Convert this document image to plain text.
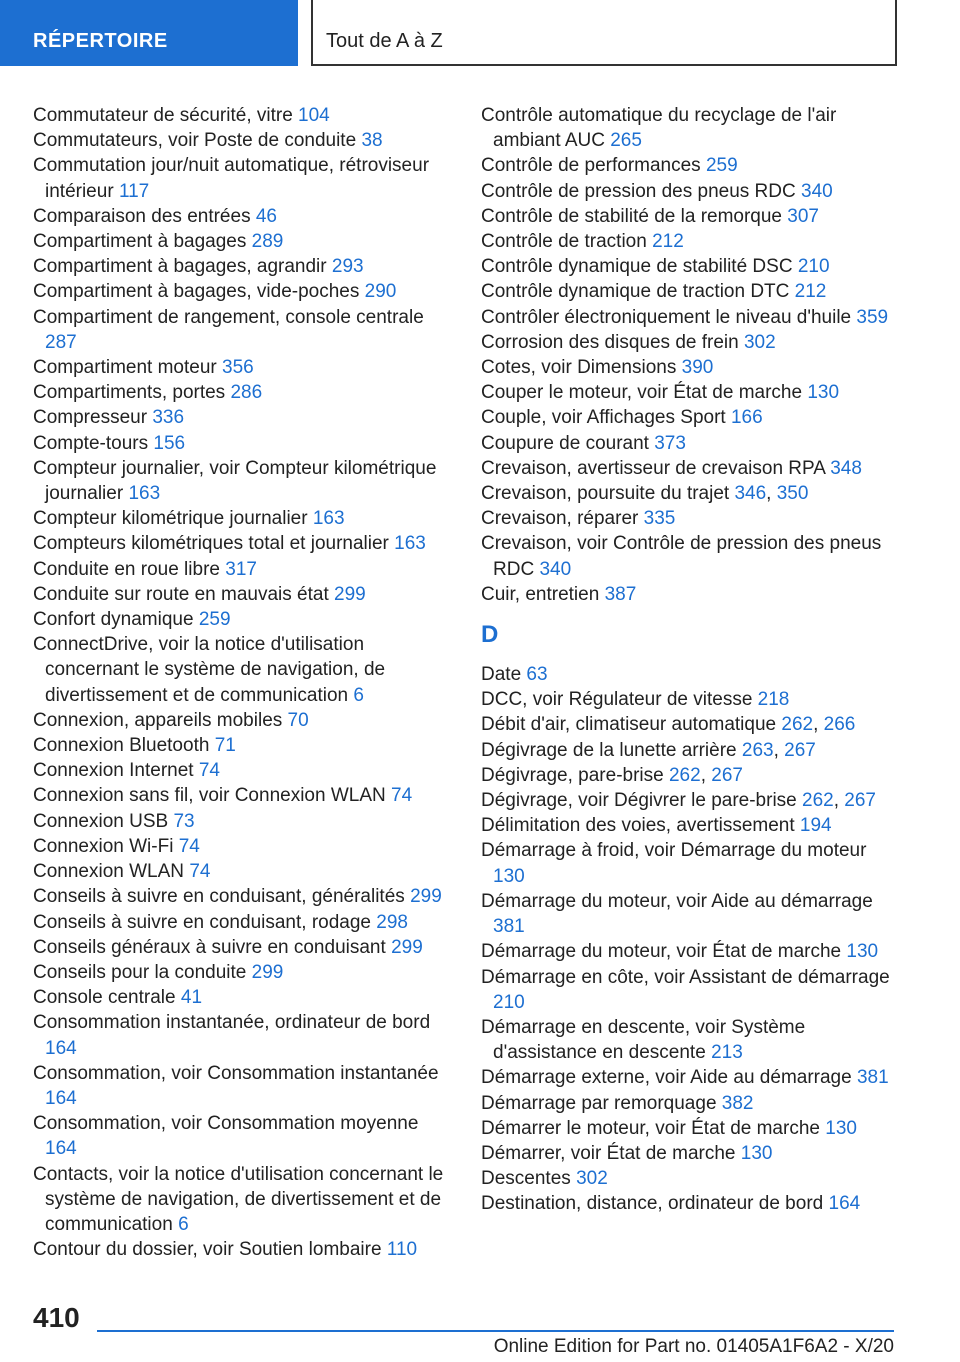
RÉPERTOIRE	Tout de A à Z

Commutateur de sécurité, vitre 104

Commutateurs, voir Poste de conduite 38

Commutation jour/nuit automatique, rétroviseur intérieur 117

Comparaison des entrées 46

Compartiment à bagages 289

Compartiment à bagages, agrandir 293

Compartiment à bagages, vide-poches 290

Compartiment de rangement, console centrale 287

Compartiment moteur 356

Compartiments, portes 286

Compresseur 336

Compte-tours 156

Compteur journalier, voir Compteur kilométrique journalier 163

Compteur kilométrique journalier 163

Compteurs kilométriques total et journalier 163

Conduite en roue libre 317

Conduite sur route en mauvais état 299

Confort dynamique 259

ConnectDrive, voir la notice d'utilisation concernant le système de navigation, de divertissement et de communication 6

Connexion, appareils mobiles 70

Connexion Bluetooth 71

Connexion Internet 74

Connexion sans fil, voir Connexion WLAN 74

Connexion USB 73

Connexion Wi-Fi 74

Connexion WLAN 74

Conseils à suivre en conduisant, généralités 299

Conseils à suivre en conduisant, rodage 298

Conseils généraux à suivre en conduisant 299

Conseils pour la conduite 299

Console centrale 41

Consommation instantanée, ordinateur de bord 164

Consommation, voir Consommation instantanée 164

Consommation, voir Consommation moyenne 164

Contacts, voir la notice d'utilisation concernant le système de navigation, de divertissement et de communication 6

Contour du dossier, voir Soutien lombaire 110

Contrôle automatique du recyclage de l'air ambiant AUC 265

Contrôle de performances 259

Contrôle de pression des pneus RDC 340

Contrôle de stabilité de la remorque 307

Contrôle de traction 212

Contrôle dynamique de stabilité DSC 210

Contrôle dynamique de traction DTC 212

Contrôler électroniquement le niveau d'huile 359

Corrosion des disques de frein 302

Cotes, voir Dimensions 390

Couper le moteur, voir État de marche 130

Couple, voir Affichages Sport 166

Coupure de courant 373

Crevaison, avertisseur de crevaison RPA 348

Crevaison, poursuite du trajet 346, 350

Crevaison, réparer 335

Crevaison, voir Contrôle de pression des pneus RDC 340

Cuir, entretien 387

D

Date 63

DCC, voir Régulateur de vitesse 218

Débit d'air, climatiseur automatique 262, 266

Dégivrage de la lunette arrière 263, 267

Dégivrage, pare-brise 262, 267

Dégivrage, voir Dégivrer le pare-brise 262, 267

Délimitation des voies, avertissement 194

Démarrage à froid, voir Démarrage du moteur 130

Démarrage du moteur, voir Aide au démarrage 381

Démarrage du moteur, voir État de marche 130

Démarrage en côte, voir Assistant de démarrage 210

Démarrage en descente, voir Système d'assistance en descente 213

Démarrage externe, voir Aide au démarrage 381

Démarrage par remorquage 382

Démarrer le moteur, voir État de marche 130

Démarrer, voir État de marche 130

Descentes 302

Destination, distance, ordinateur de bord 164

410
Online Edition for Part no. 01405A1F6A2 - X/20
